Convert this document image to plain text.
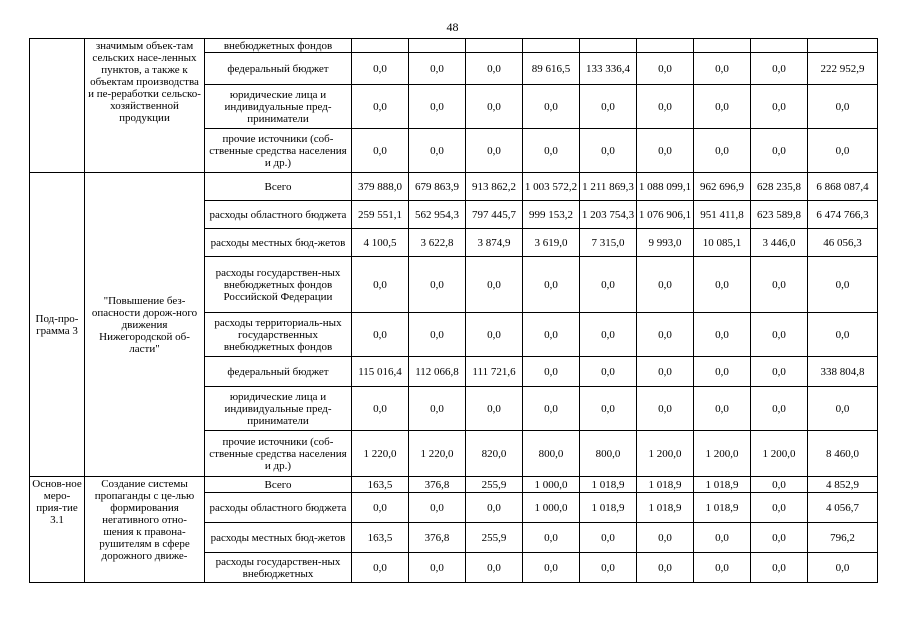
48
	значимым объек-там сельских насе-ленных пунктов, а также к объектам производства и пе-реработки сельско-хозяйственной продукции	внебюджетных фондов									
		федеральный бюджет	0,0	0,0	0,0	89 616,5	133 336,4	0,0	0,0	0,0	222 952,9
		юридические лица и индивидуальные пред-приниматели	0,0	0,0	0,0	0,0	0,0	0,0	0,0	0,0	0,0
		прочие источники (соб-ственные средства населения и др.)	0,0	0,0	0,0	0,0	0,0	0,0	0,0	0,0	0,0
Под-про-грамма 3	"Повышение без-опасности дорож-ного движения Нижегородской об-ласти"	Всего	379 888,0	679 863,9	913 862,2	1 003 572,2	1 211 869,3	1 088 099,1	962 696,9	628 235,8	6 868 087,4
		расходы областного бюджета	259 551,1	562 954,3	797 445,7	999 153,2	1 203 754,3	1 076 906,1	951 411,8	623 589,8	6 474 766,3
		расходы местных бюд-жетов	4 100,5	3 622,8	3 874,9	3 619,0	7 315,0	9 993,0	10 085,1	3 446,0	46 056,3
		расходы государствен-ных внебюджетных фондов Российской Федерации	0,0	0,0	0,0	0,0	0,0	0,0	0,0	0,0	0,0
		расходы территориаль-ных государственных внебюджетных фондов	0,0	0,0	0,0	0,0	0,0	0,0	0,0	0,0	0,0
		федеральный бюджет	115 016,4	112 066,8	111 721,6	0,0	0,0	0,0	0,0	0,0	338 804,8
		юридические лица и индивидуальные пред-приниматели	0,0	0,0	0,0	0,0	0,0	0,0	0,0	0,0	0,0
		прочие источники (соб-ственные средства населения и др.)	1 220,0	1 220,0	820,0	800,0	800,0	1 200,0	1 200,0	1 200,0	8 460,0
Основ-ное меро-прия-тие 3.1	Создание системы пропаганды с це-лью формирования негативного отно-шения к правона-рушителям в сфере дорожного движе-	Всего	163,5	376,8	255,9	1 000,0	1 018,9	1 018,9	1 018,9	0,0	4 852,9
		расходы областного бюджета	0,0	0,0	0,0	1 000,0	1 018,9	1 018,9	1 018,9	0,0	4 056,7
		расходы местных бюд-жетов	163,5	376,8	255,9	0,0	0,0	0,0	0,0	0,0	796,2
		расходы государствен-ных внебюджетных	0,0	0,0	0,0	0,0	0,0	0,0	0,0	0,0	0,0
